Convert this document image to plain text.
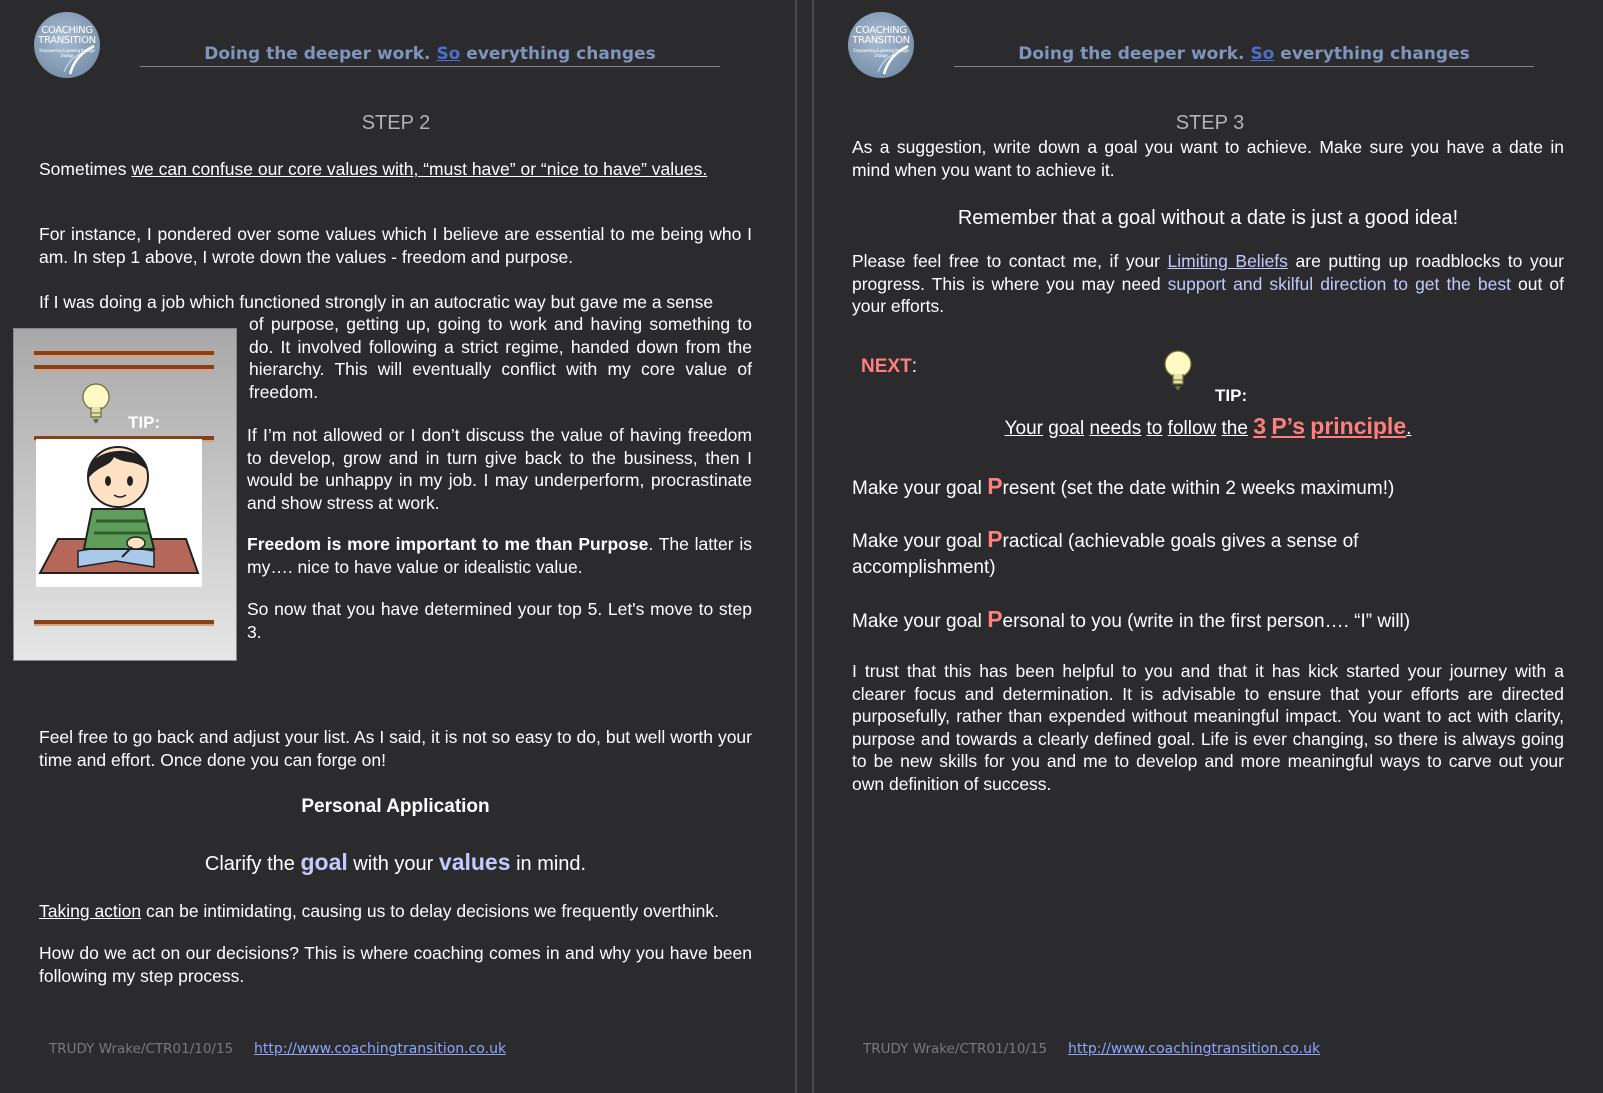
COACHING
TRANSITION
Empowering & growing through change	Doing the deeper work. So everything changes
STEP 2
Sometimes we can confuse our core values with, “must have” or “nice to have” values.
For instance, I pondered over some values which I believe are essential to me being who I am. In step 1 above, I wrote down the values - freedom and purpose.
If I was doing a job which functioned strongly in an autocratic way but gave me a sense
of purpose, getting up, going to work and having something to do. It involved following a strict regime, handed down from the hierarchy. This will eventually conflict with my core value of freedom.
If I’m not allowed or I don’t discuss the value of having freedom to develop, grow and in turn give back to the business, then I would be unhappy in my job. I may underperform, procrastinate and show stress at work.
Freedom is more important to me than Purpose. The latter is my…. nice to have value or idealistic value.
So now that you have determined your top 5. Let's move to step 3.
TIP:
Feel free to go back and adjust your list. As I said, it is not so easy to do, but well worth your time and effort. Once done you can forge on!
Personal Application
Clarify the goal with your values in mind.
Taking action can be intimidating, causing us to delay decisions we frequently overthink.
How do we act on our decisions? This is where coaching comes in and why you have been following my step process.
TRUDY Wrake/CTR01/10/15 http://www.coachingtransition.co.uk
COACHING
TRANSITION
Empowering & growing through change	Doing the deeper work. So everything changes
STEP 3
As a suggestion, write down a goal you want to achieve. Make sure you have a date in mind when you want to achieve it.
Remember that a goal without a date is just a good idea!
Please feel free to contact me, if your Limiting Beliefs are putting up roadblocks to your progress. This is where you may need support and skilful direction to get the best out of your efforts.
NEXT:
TIP:
Your goal needs to follow the 3 P’s principle.
Make your goal Present (set the date within 2 weeks maximum!)
Make your goal Practical (achievable goals gives a sense of accomplishment)
Make your goal Personal to you (write in the first person…. “I” will)
I trust that this has been helpful to you and that it has kick started your journey with a clearer focus and determination. It is advisable to ensure that your efforts are directed purposefully, rather than expended without meaningful impact. You want to act with clarity, purpose and towards a clearly defined goal. Life is ever changing, so there is always going to be new skills for you and me to develop and more meaningful ways to carve out your own definition of success.
TRUDY Wrake/CTR01/10/15 http://www.coachingtransition.co.uk
